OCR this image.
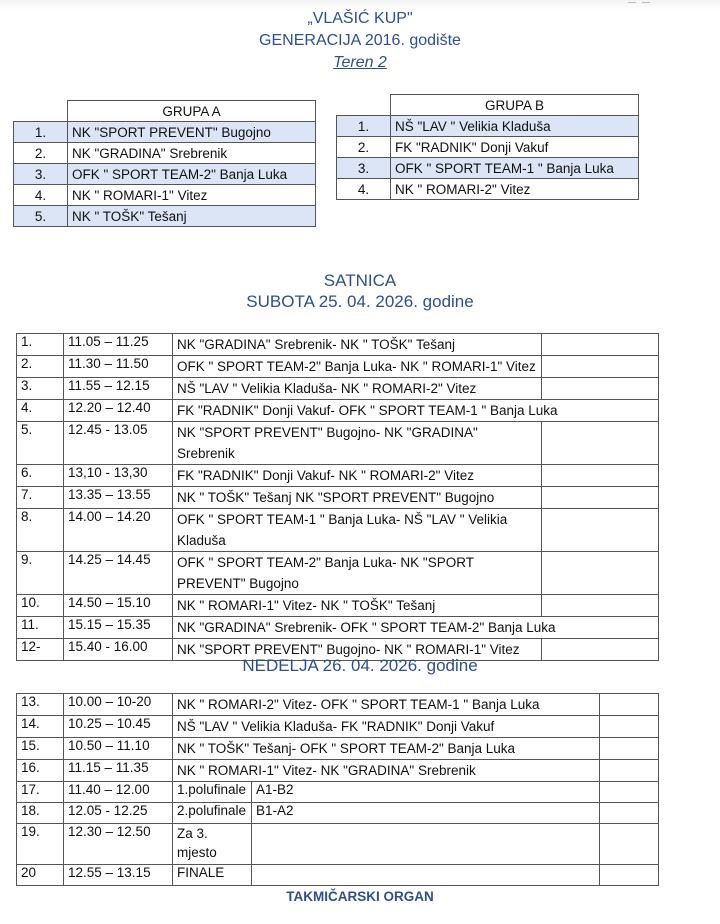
„VLAŠIĆ KUP"
GENERACIJA 2016. godište
Teren 2
	GRUPA A
1.	NK "SPORT PREVENT" Bugojno
2.	NK "GRADINA" Srebrenik
3.	OFK " SPORT TEAM-2" Banja Luka
4.	NK " ROMARI-1" Vitez
5.	NK " TOŠK" Tešanj
	GRUPA B
1.	NŠ "LAV " Velikia Kladuša
2.	FK "RADNIK" Donji Vakuf
3.	OFK " SPORT TEAM-1 " Banja Luka
4.	NK " ROMARI-2" Vitez
SATNICA
SUBOTA 25. 04. 2026. godine
1.	11.05 – 11.25	NK "GRADINA" Srebrenik- NK " TOŠK" Tešanj	
2.	11.30 – 11.50	OFK " SPORT TEAM-2" Banja Luka- NK " ROMARI-1" Vitez	
3.	11.55 – 12.15	NŠ "LAV " Velikia Kladuša- NK " ROMARI-2" Vitez	
4.	12.20 – 12.40	FK "RADNIK" Donji Vakuf- OFK " SPORT TEAM-1 " Banja Luka	
5.	12.45 - 13.05	NK "SPORT PREVENT" Bugojno- NK "GRADINA" Srebrenik	
6.	13,10 - 13,30	FK "RADNIK" Donji Vakuf- NK " ROMARI-2" Vitez	
7.	13.35 – 13.55	NK " TOŠK" Tešanj NK "SPORT PREVENT" Bugojno	
8.	14.00 – 14.20	OFK " SPORT TEAM-1 " Banja Luka- NŠ "LAV " Velikia Kladuša	
9.	14.25 – 14.45	OFK " SPORT TEAM-2" Banja Luka- NK "SPORT PREVENT" Bugojno	
10.	14.50 – 15.10	NK " ROMARI-1" Vitez- NK " TOŠK" Tešanj	
11.	15.15 – 15.35	NK "GRADINA" Srebrenik- OFK " SPORT TEAM-2" Banja Luka	
12-	15.40 - 16.00	NK "SPORT PREVENT" Bugojno- NK " ROMARI-1" Vitez	
NEDELJA 26. 04. 2026. godine
13.	10.00 – 10-20	NK " ROMARI-2" Vitez- OFK " SPORT TEAM-1 " Banja Luka		
14.	10.25 – 10.45	NŠ "LAV " Velikia Kladuša- FK "RADNIK" Donji Vakuf		
15.	10.50 – 11.10	NK " TOŠK" Tešanj- OFK " SPORT TEAM-2" Banja Luka		
16.	11.15 – 11.35	NK " ROMARI-1" Vitez- NK "GRADINA" Srebrenik		
17.	11.40 – 12.00	1.polufinale	A1-B2	
18.	12.05 - 12.25	2.polufinale	B1-A2	
19.	12.30 – 12.50	Za 3. mjesto		
20	12.55 – 13.15	FINALE		
TAKMIČARSKI ORGAN
